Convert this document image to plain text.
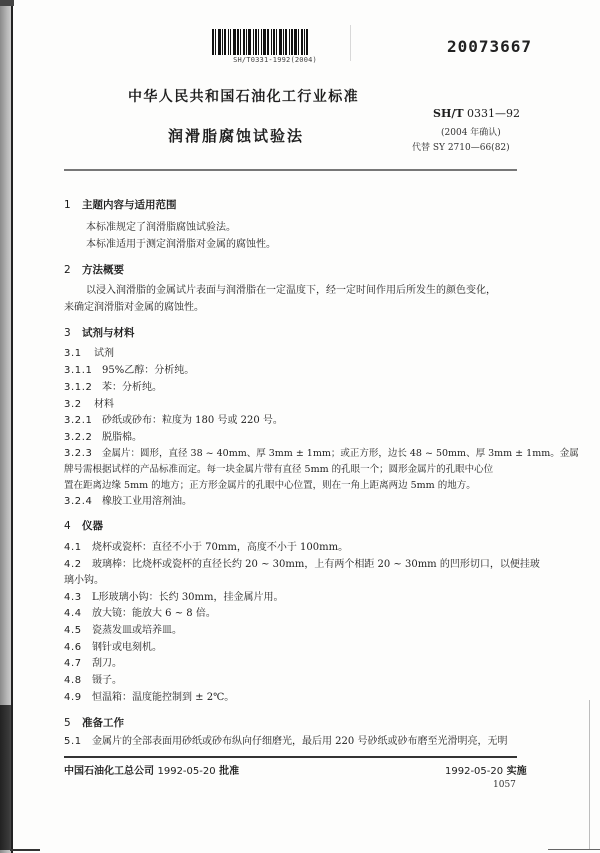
SH/T0331-1992(2004)
20073667
中华人民共和国石油化工行业标准
SH/T 0331—92
润滑脂腐蚀试验法	(2004 年确认)
代替 SY 2710—66(82)
1 主题内容与适用范围
本标准规定了润滑脂腐蚀试验法。
本标准适用于测定润滑脂对金属的腐蚀性。
2 方法概要
以浸入润滑脂的金属试片表面与润滑脂在一定温度下，经一定时间作用后所发生的颜色变化，
来确定润滑脂对金属的腐蚀性。
3 试剂与材料
3.1 试剂
3.1.1 95%乙醇：分析纯。
3.1.2 苯：分析纯。
3.2 材料
3.2.1 砂纸或砂布：粒度为 180 号或 220 号。
3.2.2 脱脂棉。
3.2.3 金属片：圆形，直径 38 ~ 40mm、厚 3mm ± 1mm；或正方形，边长 48 ~ 50mm、厚 3mm ± 1mm。金属
牌号需根据试样的产品标准而定。每一块金属片带有直径 5mm 的孔眼一个；圆形金属片的孔眼中心位
置在距离边缘 5mm 的地方；正方形金属片的孔眼中心位置，则在一角上距离两边 5mm 的地方。
3.2.4 橡胶工业用溶剂油。
4 仪器
4.1 烧杯或瓷杯：直径不小于 70mm，高度不小于 100mm。
4.2 玻璃棒：比烧杯或瓷杯的直径长约 20 ~ 30mm，上有两个相距 20 ~ 30mm 的凹形切口，以便挂玻
璃小钩。
4.3 L形玻璃小钩：长约 30mm，挂金属片用。
4.4 放大镜：能放大 6 ~ 8 倍。
4.5 瓷蒸发皿或培养皿。
4.6 钢针或电刻机。
4.7 刮刀。
4.8 镊子。
4.9 恒温箱：温度能控制到 ± 2℃。
5 准备工作
5.1 金属片的全部表面用砂纸或砂布纵向仔细磨光，最后用 220 号砂纸或砂布磨至光滑明亮，无明
中国石油化工总公司 1992-05-20 批准	1992-05-20 实施
1057
